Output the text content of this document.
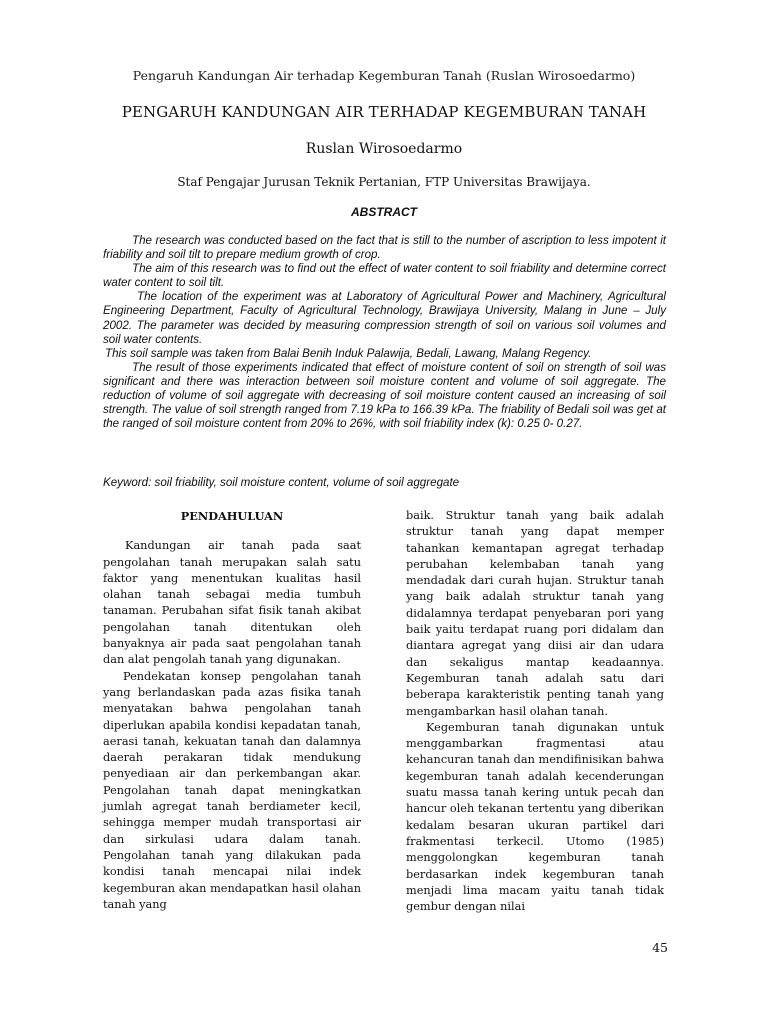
Pengaruh Kandungan Air terhadap Kegemburan Tanah (Ruslan Wirosoedarmo)
PENGARUH KANDUNGAN AIR TERHADAP KEGEMBURAN TANAH
Ruslan Wirosoedarmo
Staf Pengajar Jurusan Teknik Pertanian, FTP Universitas Brawijaya.
ABSTRACT

The research was conducted based on the fact that is still to the number of ascription to less impotent it friability and soil tilt to prepare medium growth of crop.

The aim of this research was to find out the effect of water content to soil friability and determine correct water content to soil tilt.

The location of the experiment was at Laboratory of Agricultural Power and Machinery, Agricultural Engineering Department, Faculty of Agricultural Technology, Brawijaya University, Malang in June – July 2002. The parameter was decided by measuring compression strength of soil on various soil volumes and soil water contents.

This soil sample was taken from Balai Benih Induk Palawija, Bedali, Lawang, Malang Regency.

The result of those experiments indicated that effect of moisture content of soil on strength of soil was significant and there was interaction between soil moisture content and volume of soil aggregate. The reduction of volume of soil aggregate with decreasing of soil moisture content caused an increasing of soil strength. The value of soil strength ranged from 7.19 kPa to 166.39 kPa. The friability of Bedali soil was get at the ranged of soil moisture content from 20% to 26%, with soil friability index (k): 0.25 0- 0.27.

Keyword: soil friability, soil moisture content, volume of soil aggregate

PENDAHULUAN

Kandungan air tanah pada saat pengolahan tanah merupakan salah satu faktor yang menentukan kualitas hasil olahan tanah sebagai media tumbuh tanaman. Perubahan sifat fisik tanah akibat pengolahan tanah ditentukan oleh banyaknya air pada saat pengolahan tanah dan alat pengolah tanah yang digunakan.

Pendekatan konsep pengolahan tanah yang berlandaskan pada azas fisika tanah menyatakan bahwa pengolahan tanah diperlukan apabila kondisi kepadatan tanah, aerasi tanah, kekuatan tanah dan dalamnya daerah perakaran tidak mendukung penyediaan air dan perkembangan akar. Pengolahan tanah dapat meningkatkan jumlah agregat tanah berdiameter kecil, sehingga memper mudah transportasi air dan sirkulasi udara dalam tanah. Pengolahan tanah yang dilakukan pada kondisi tanah mencapai nilai indek kegemburan akan mendapatkan hasil olahan tanah yang

baik. Struktur tanah yang baik adalah struktur tanah yang dapat memper tahankan kemantapan agregat terhadap perubahan kelembaban tanah yang mendadak dari curah hujan. Struktur tanah yang baik adalah struktur tanah yang didalamnya terdapat penyebaran pori yang baik yaitu terdapat ruang pori didalam dan diantara agregat yang diisi air dan udara dan sekaligus mantap keadaannya. Kegemburan tanah adalah satu dari beberapa karakteristik penting tanah yang mengambarkan hasil olahan tanah.

Kegemburan tanah digunakan untuk menggambarkan fragmentasi atau kehancuran tanah dan mendifinisikan bahwa kegemburan tanah adalah kecenderungan suatu massa tanah kering untuk pecah dan hancur oleh tekanan tertentu yang diberikan kedalam besaran ukuran partikel dari frakmentasi terkecil. Utomo (1985) menggolongkan kegemburan tanah berdasarkan indek kegemburan tanah menjadi lima macam yaitu tanah tidak gembur dengan nilai

45
